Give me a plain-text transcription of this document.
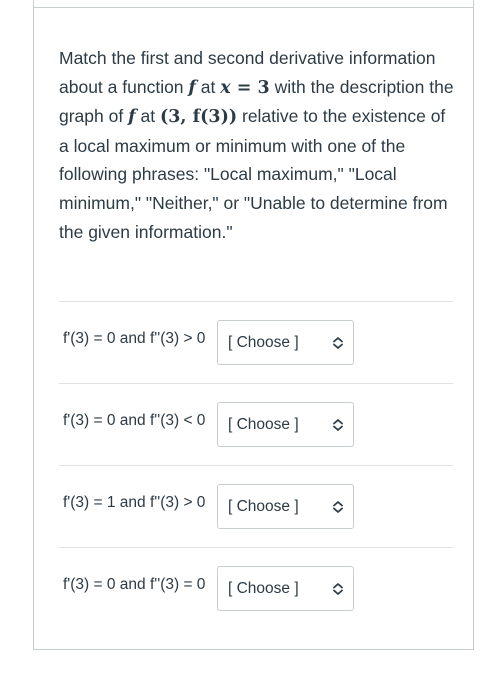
Match the first and second derivative information about a function f at x = 3 with the description the graph of f at (3, f(3)) relative to the existence of a local maximum or minimum with one of the following phrases: "Local maximum," "Local minimum," "Neither," or "Unable to determine from the given information."
f'(3) = 0 and f''(3) > 0 [ Choose ]
f'(3) = 0 and f''(3) < 0 [ Choose ]
f'(3) = 1 and f''(3) > 0 [ Choose ]
f'(3) = 0 and f''(3) = 0 [ Choose ]
